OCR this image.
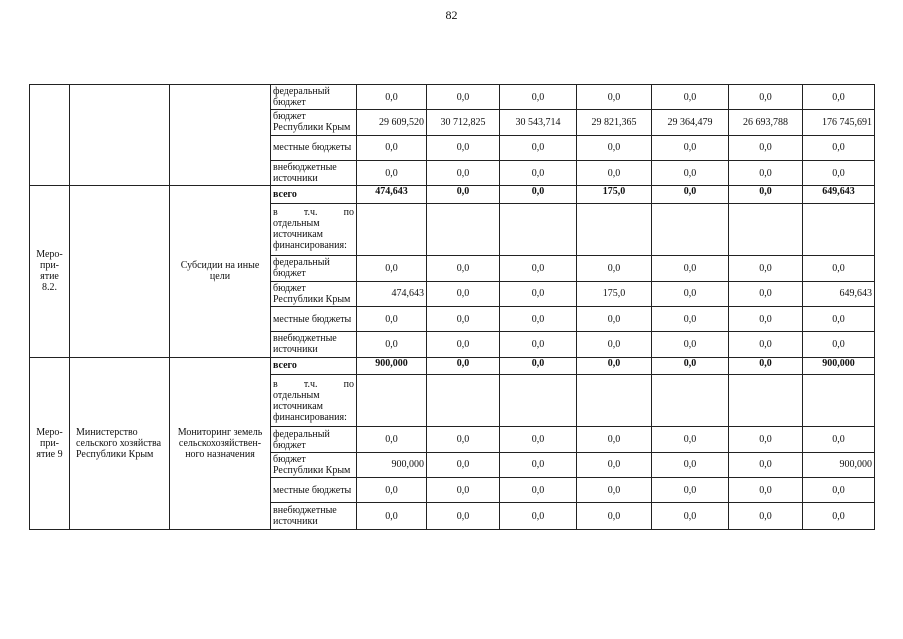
82
			федеральный бюджет	0,0	0,0	0,0	0,0	0,0	0,0	0,0
			бюджет Республики Крым	29 609,520	30 712,825	30 543,714	29 821,365	29 364,479	26 693,788	176 745,691
			местные бюджеты	0,0	0,0	0,0	0,0	0,0	0,0	0,0
			внебюджетные источники	0,0	0,0	0,0	0,0	0,0	0,0	0,0
Меро-
при-
ятие
8.2.		Субсидии на иные цели	всего	474,643	0,0	0,0	175,0	0,0	0,0	649,643
			в т.ч. по отдельным источникам финансирования:							
			федеральный бюджет	0,0	0,0	0,0	0,0	0,0	0,0	0,0
			бюджет Республики Крым	474,643	0,0	0,0	175,0	0,0	0,0	649,643
			местные бюджеты	0,0	0,0	0,0	0,0	0,0	0,0	0,0
			внебюджетные источники	0,0	0,0	0,0	0,0	0,0	0,0	0,0
Меро-
при-
ятие 9	Министерство сельского хозяйства Республики Крым	Мониторинг земель сельскохозяйствен-ного назначения	всего	900,000	0,0	0,0	0,0	0,0	0,0	900,000
			в т.ч. по отдельным источникам финансирования:							
			федеральный бюджет	0,0	0,0	0,0	0,0	0,0	0,0	0,0
			бюджет Республики Крым	900,000	0,0	0,0	0,0	0,0	0,0	900,000
			местные бюджеты	0,0	0,0	0,0	0,0	0,0	0,0	0,0
			внебюджетные источники	0,0	0,0	0,0	0,0	0,0	0,0	0,0
